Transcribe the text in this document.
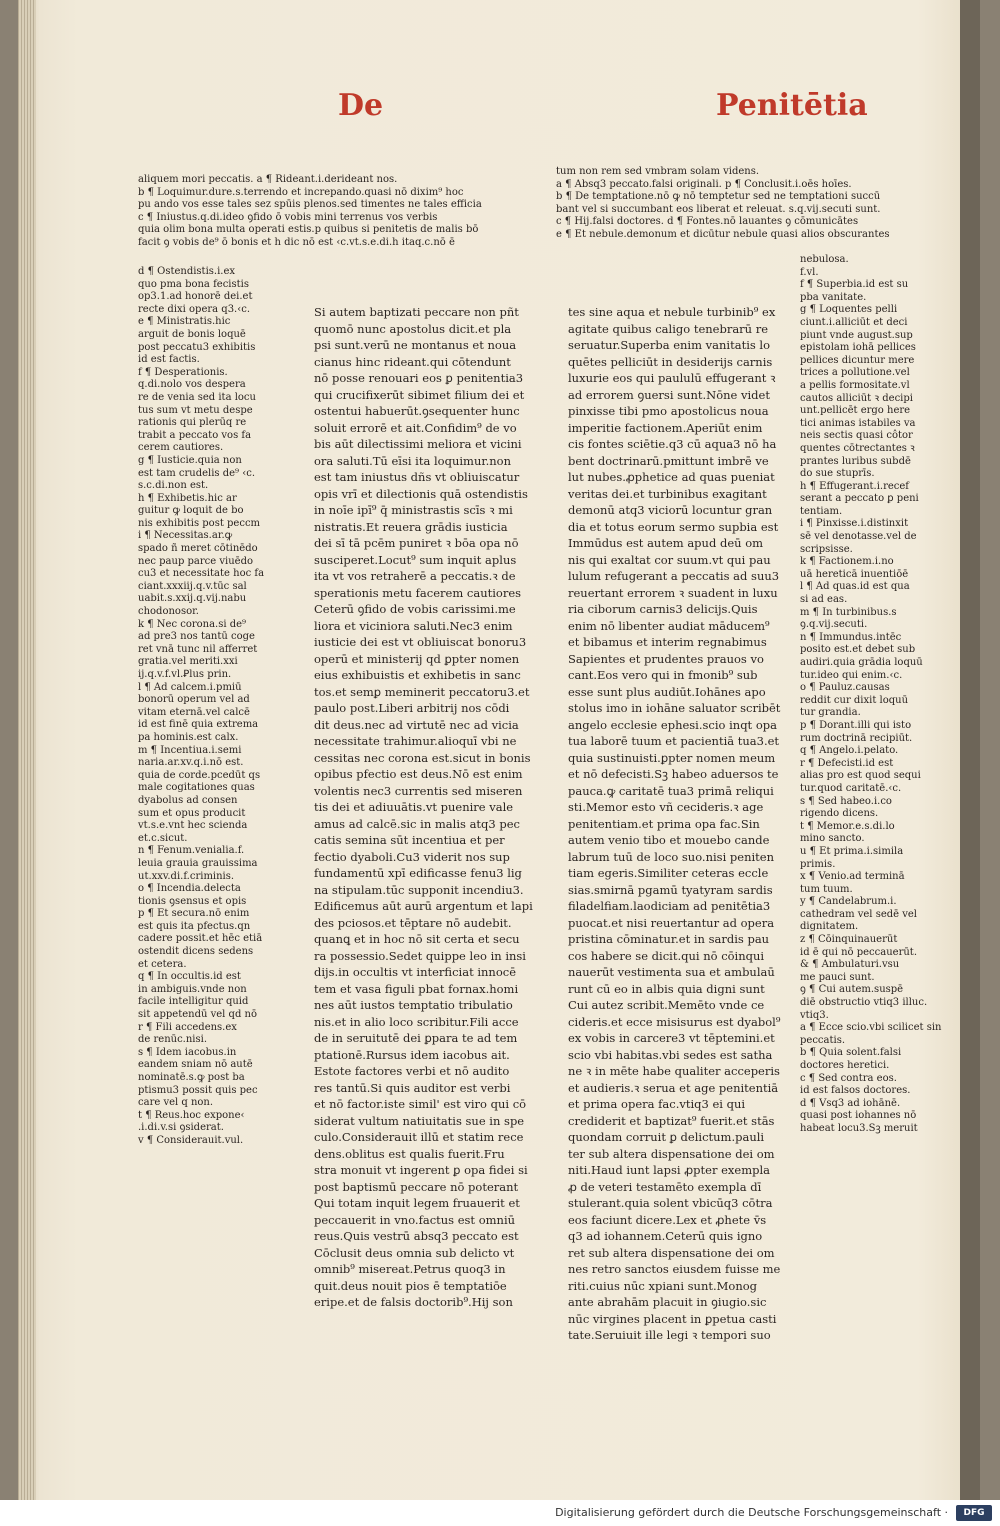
De	Penitētia
ali​quem mori peccatis. a ¶ Rideant.i.derideant nos.
b ¶ Loquimur.dure.s.terrendo et increpando.quasi nō dixim⁹ hoc
pu ando vos esse tales sez spūis plenos.sed timentes ne tales efficia
c ¶ Iniustus.q.di.ideo ꝯfido ō vobis mini terrenus vos verbis
quia olim bona multa operati estis.p quibus si penitetis de malis bō
facit ꝯ vobis de⁹ ō bonis et h dic nō est ‹c.vt.s.e.di.h itaq.c.nō ē
d ¶ Ostendistis.i.ex
quo pma bona fecistis
op3.1.ad honorē dei.et
recte dixi opera q3.‹c.
e ¶ Ministratis.hic
arguit de bonis loquē
post peccatu3 exhibitis
id est factis.
f ¶ Desperationis.
q.di.nolo vos despera
re de venia sed ita locu
tus sum vt metu despe
rationis qui plerūq re
trabit a peccato vos fa
cerem cautiores.
g ¶ Iusticie.quia non
est tam crudelis de⁹ ‹c.
s.c.di.non est.
h ¶ Exhibetis.hic ar
guitur ꝙ loquit de bo
nis exhibitis post peccm
i ¶ Necessitas.ar.ꝙ
spado ñ meret cōtinēdo
nec paup parce viuēdo
cu3 et necessitate hoc fa
ciant.xxxiij.q.v.tūc sal
uabit.s.xxij.q.vij.nabu
chodonosor.
k ¶ Nec corona.si de⁹
ad pre3 nos tantū coge
ret vnā tunc nil afferret
gratia.vel meriti.xxi
ij.q.v.f.vl.Ꝑlus prin.
l ¶ Ad calcem.i.pmiū
bonorū operum vel ad
vitam eternā.vel calcē
id est finē quia extrema
pa hominis.est calx.
m ¶ Incentiua.i.semi
naria.ar.xv.q.i.nō est.
quia de corde.pcedūt qs
male cogitationes quas
dyabolus ad consen
sum et opus producit
vt.s.e.vnt hec scienda
et.c.sicut.
n ¶ Fenum.venialia.f.
leuia grauia grauissima
ut.xxv.di.f.criminis.
o ¶ Incendia.delecta
tionis ꝯsensus et opis
p ¶ Et secura.nō enim
est quis ita pfectus.qn
cadere possit.et hēc etiā
ostendit dicens sedens
et cetera.
q ¶ In occultis.id est
in ambiguis.vnde non
facile intelligitur quid
sit appetendū vel qd nō
r ¶ Fili accedens.ex
de renūc.nisi.
s ¶ Idem iacobus.in
eandem sniam nō autē
nominatē.s.ꝙ post ba
ptismu3 possit quis pec
care vel q non.
t ¶ Reus.hoc expone‹
.i.di.v.si ꝯsiderat.
v ¶ Considerauit.vul.
Si autem baptizati peccare non pñt
quomō nunc apostolus dicit.et pla
psi sunt.verū ne montanus et noua
cianus hinc rideant.qui cōtendunt
nō posse renouari eos ꝑ penitentia3
qui crucifixerūt sibimet filium dei et
ostentui habuerūt.ꝯsequenter hunc
soluit errorē et ait.Confidim⁹ de vo
bis aūt dilectissimi meliora et vicini
ora saluti.Tū eīsi ita loquimur.non
est tam iniustus dñs vt obliuiscatur
opis vrī et dilectionis quā ostendistis
in noīe ipī⁹ q̄ ministrastis scīs ꝛ mi
nistratis.Et reuera grādis iusticia
dei sī tā pcēm puniret ꝛ bōa opa nō
susciperet.Locut⁹ sum inquit aplus
ita vt vos retraherē a peccatis.ꝛ de
sperationis metu facerem cautiores
Ceterū ꝯfido de vobis carissimi.me
liora et viciniora saluti.Nec3 enim
iusticie dei est vt obliuiscat bonoru3
operū et ministerij qd ꝑpter nomen
eius exhibuistis et exhibetis in sanc
tos.et semꝑ meminerit peccatoru3.et
paulo post.Liberi arbitrij nos cōdi
dit deus.nec ad virtutē nec ad vicia
necessitate trahimur.alioquī vbi ne
cessitas nec corona est.sicut in bonis
opibus pfectio est deus.Nō est enim
volentis nec3 currentis sed miseren
tis dei et adiuuātis.vt puenire vale
amus ad calcē.sic in malis atq3 pec
catis semina sūt incentiua et per
fectio dyaboli.Cu3 viderit nos sup
fundamentū xpī edificasse fenu3 lig
na stipulam.tūc supponit incendiu3.
Edificemus aūt aurū argentum et lapi
des pciosos.et tēptare nō audebit.
quanꝗ et in hoc nō sit certa et secu
ra possessio.Sedet quippe leo in insi
dijs.in occultis vt interficiat innocē
tem et vasa figuli pbat fornax.homi
nes aūt iustos temptatio tribulatio
nis.et in alio loco scribitur.Fili acce
de in seruitutē dei ꝑpara te ad tem
ptationē.Rursus idem iacobus ait.
Estote factores verbi et nō audito
res tantū.Si quis auditor est verbi
et nō factor.iste simil' est viro qui cō
siderat vultum natiuitatis sue in spe
culo.Considerauit illū et statim rece
dens.oblitus est qualis fuerit.Fru
stra monuit vt ingerent ꝑ opa fidei si
post baptismū peccare nō poterant
Qui totam inquit legem fruauerit et
peccauerit in vno.factus est omniū
reus.Quis vestrū absq3 peccato est
Cōclusit deus omnia sub delicto vt
omnib⁹ misereat.Petrus quoq3 in
quit.deus nouit pios ē temptatiōe
eripe.et de falsis doctorib⁹.Hij son
tum non rem sed vmbram solam videns.
a ¶ Absq3 peccato.falsi originali. p ¶ Conclusit.i.oēs hoīes.
b ¶ De temptatione.nō ꝙ nō temptetur sed ne temptationi succū
bant vel si succumbant eos liberat et releuat. s.q.vij.secuti sunt.
c ¶ Hij.falsi doctores. d ¶ Fontes.nō lauantes ꝯ cōmunicātes
e ¶ Et nebule.demonum et dicūtur nebule quasi alios obscurantes
tes sine aqua et nebule turbinib⁹ ex
agitate quibus caligo tenebrarū re
seruatur.Superba enim vanitatis lo
quētes pelliciūt in desiderijs carnis
luxurie eos qui paululū effugerant ꝛ
ad errorem ꝯuersi sunt.Nōne videt
pinxisse tibi pmo apostolicus noua
imperitie factionem.Aperiūt enim
cis fontes sciētie.q3 cū aqua3 nō ha
bent doctrinarū.pmittunt imbrē ve
lut nubes.ꝓphetice ad quas pueniat
veritas dei.et turbinibus exagitant
demonū atq3 viciorū locuntur gran
dia et totus eorum sermo supbia est
Immūdus est autem apud deū om
nis qui exaltat cor suum.vt qui pau
lulum refugerant a peccatis ad suu3
reuertant errorem ꝛ suadent in luxu
ria ciborum carnis3 delicijs.Quis
enim nō libenter audiat māducem⁹
et bibamus et interim regnabimus
Sapientes et prudentes prauos vo
cant.Eos vero qui in fmonib⁹ sub
esse sunt plus audiūt.Iohānes apo
stolus imo in iohāne saluator scribēt
angelo ecclesie ephesi.scio inqt opa
tua laborē tuum et pacientiā tua3.et
quia sustinuisti.ꝑpter nomen meum
et nō defecisti.Sꝫ habeo aduersos te
pauca.ꝙ caritatē tua3 primā reliqui
sti.Memor esto vñ cecideris.ꝛ age
penitentiam.et prima opa fac.Sin
autem venio tibo et mouebo cande
labrum tuū de loco suo.nisi peniten
tiam egeris.Similiter ceteras eccle
sias.smirnā pgamū tyatyram sardis
filadelfiam.laodiciam ad penitētia3
puocat.et nisi reuertantur ad opera
pristina cōminatur.et in sardis pau
cos habere se dicit.qui nō cōinqui
nauerūt vestimenta sua et ambulaū
runt cū eo in albis quia digni sunt
Cui autez scribit.Memēto vnde ce
cideris.et ecce misisurus est dyabol⁹
ex vobis in carcere3 vt tēptemini.et
scio vbi habitas.vbi sedes est satha
ne ꝛ in mēte habe qualiter acceperis
et audieris.ꝛ serua et age penitentiā
et prima opera fac.vtiq3 ei qui
crediderit et baptizat⁹ fuerit.et stās
quondam corruit ꝑ delictum.pauli
ter sub altera dispensatione dei om
niti.Haud iunt lapsi ꝓpter exempla
ꝓ de veteri testamēto exempla dī
stulerant.quia solent vbicūq3 cōtra
eos faciunt dicere.Lex et ꝓhete v̄s
q3 ad iohannem.Ceterū quis igno
ret sub altera dispensatione dei om
nes retro sanctos eiusdem fuisse me
riti.cuius nūc xpiani sunt.Monog
ante abrahām placuit in ꝯiugio.sic
nūc virgines placent in ꝑpetua casti
tate.Seruiuit ille legi ꝛ tempori suo
nebulosa.
f.vl.
f ¶ Superbia.id est su
pba vanitate.
g ¶ Loquentes pelli
ciunt.i.alliciūt et deci
piunt vnde august.sup
epistolam iohā pellices
pellices dicuntur mere
trices a pollutione.vel
a pellis formositate.vl
cautos alliciūt ꝛ decipi
unt.pellicēt ergo here
tici animas istabiles va
neis sectis quasi côtor
quentes cōtrectantes ꝛ
prantes luribus subdē
do sue stuprīs.
h ¶ Effugerant.i.recef
serant a peccato ꝑ peni
tentiam.
i ¶ Pinxisse.i.distinxit
sē vel denotasse.vel de
scripsisse.
k ¶ Factionem.i.no
uā hereticā inuentiōē
l ¶ Ad quas.id est qua
si ad eas.
m ¶ In turbinibus.s
ꝯ.q.vij.secuti.
n ¶ Immundus.intēc
posito est.et debet sub
audiri.quia grādia loquū
tur.ideo qui enim.‹c.
o ¶ Pauluz.causas
reddit cur dixit loquū
tur grandia.
p ¶ Dorant.illi qui isto
rum doctrinā recipiūt.
q ¶ Angelo.i.pelato.
r ¶ Defecisti.id est
alias pro est quod sequi
tur.quod caritatē.‹c.
s ¶ Sed habeo.i.co
rigendo dicens.
t ¶ Memor.e.s.di.lo
mino sancto.
u ¶ Et prima.i.simila
primis.
x ¶ Venio.ad terminā
tum tuum.
y ¶ Candelabrum.i.
cathedram vel sedē vel
dignitatem.
z ¶ Cōinquinauerūt
id ē qui nō peccauerūt.
& ¶ Ambulaturi.vsu
me pauci sunt.
ꝯ ¶ Cui autem.suspē
diē obstructio vtiq3 illuc.
vtiq3.
a ¶ Ecce scio.vbi scilicet sin
peccatis.
b ¶ Quia solent.falsi
doctores heretici.
c ¶ Sed contra eos.
id est falsos doctores.
d ¶ Vsq3 ad iohānē.
quasi post iohannes nō
habeat locu3.Sꝫ meruit
Digitalisierung gefördert durch die Deutsche Forschungsgemeinschaft ·	DFG
